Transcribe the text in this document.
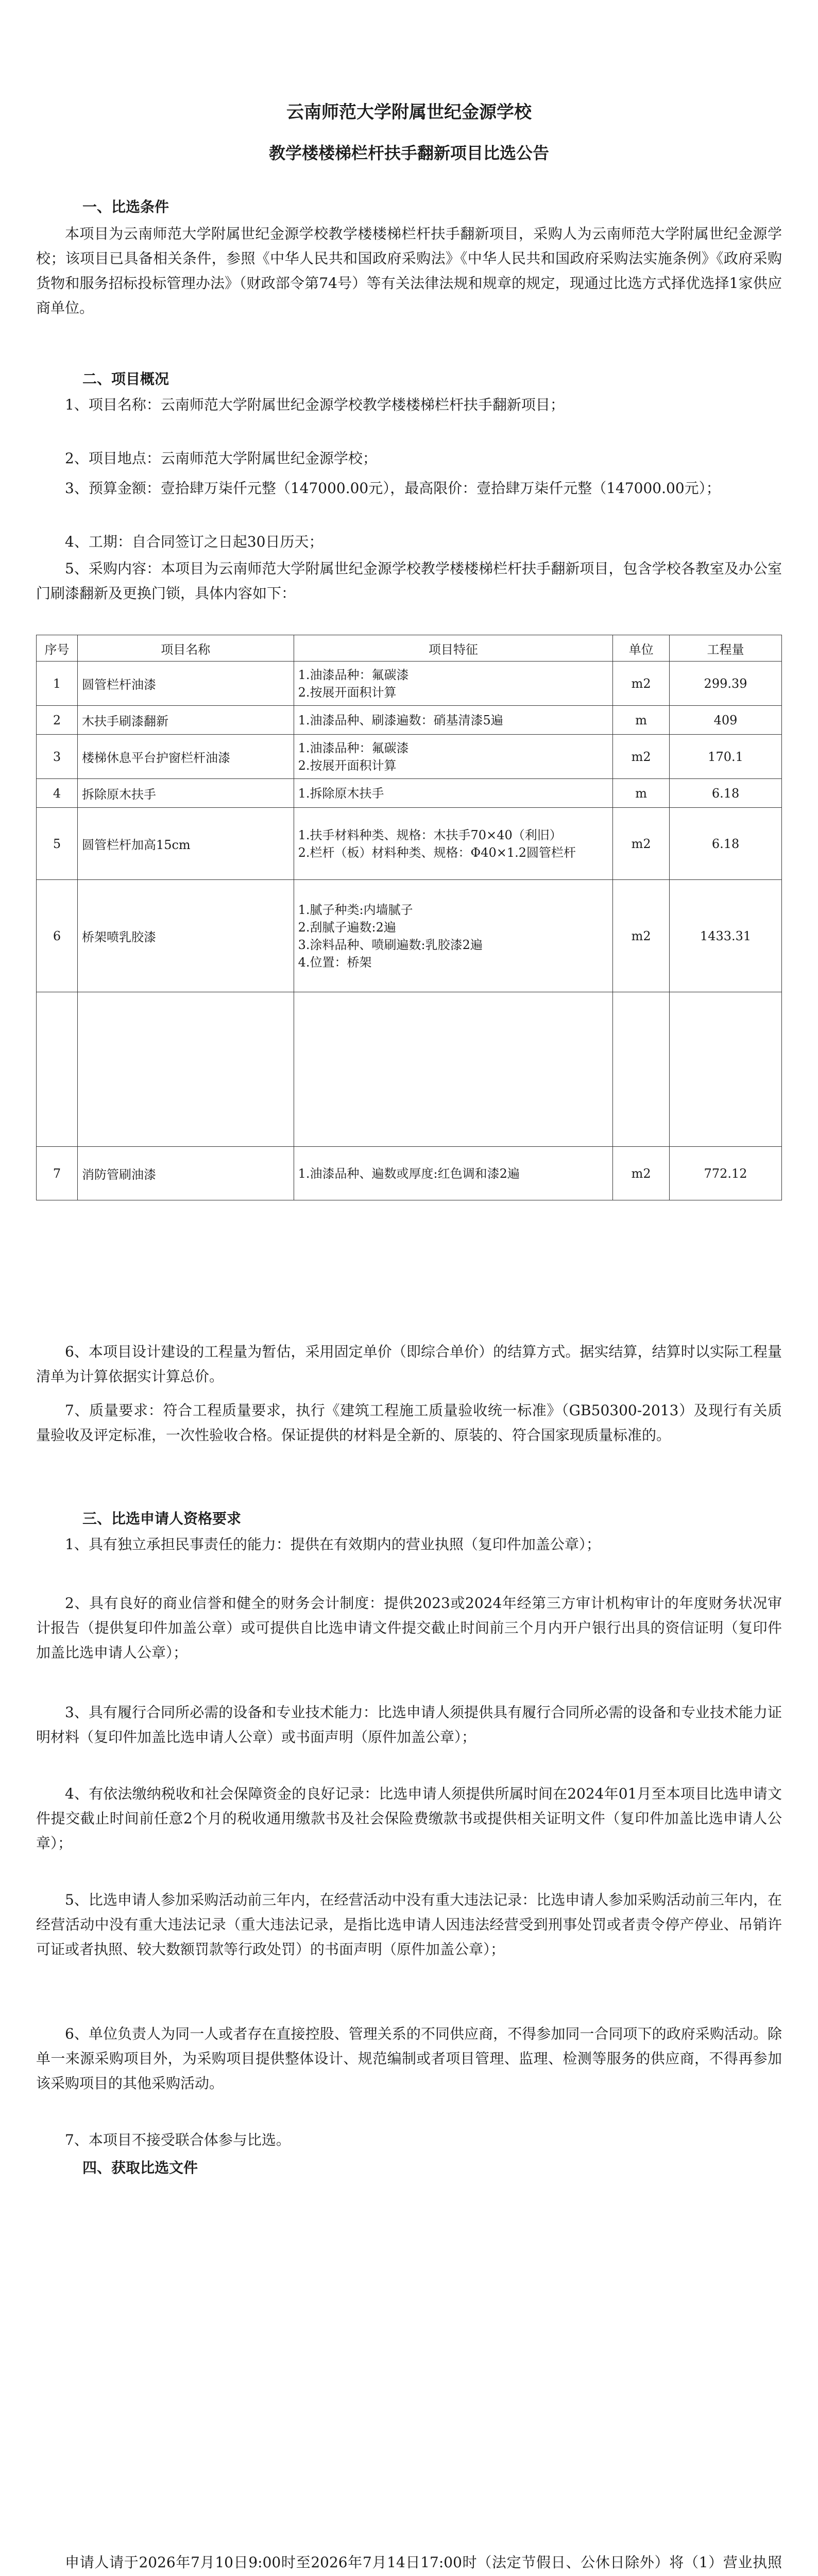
云南师范大学附属世纪金源学校
教学楼楼梯栏杆扶手翻新项目比选公告
一、比选条件
本项目为云南师范大学附属世纪金源学校教学楼楼梯栏杆扶手翻新项目，采购人为云南师范大学附属世纪金源学校；该项目已具备相关条件，参照《中华人民共和国政府采购法》《中华人民共和国政府采购法实施条例》《政府采购货物和服务招标投标管理办法》（财政部令第74号）等有关法律法规和规章的规定，现通过比选方式择优选择1家供应商单位。
二、项目概况
1、项目名称：云南师范大学附属世纪金源学校教学楼楼梯栏杆扶手翻新项目；
2、项目地点：云南师范大学附属世纪金源学校；
3、预算金额：壹拾肆万柒仟元整（147000.00元），最高限价：壹拾肆万柒仟元整（147000.00元）；
4、工期：自合同签订之日起30日历天；
5、采购内容：本项目为云南师范大学附属世纪金源学校教学楼楼梯栏杆扶手翻新项目，包含学校各教室及办公室门刷漆翻新及更换门锁，具体内容如下：
序号	项目名称	项目特征	单位	工程量
1	圆管栏杆油漆	1.油漆品种：氟碳漆
2.按展开面积计算	m2	299.39
2	木扶手刷漆翻新	1.油漆品种、刷漆遍数：硝基清漆5遍	m	409
3	楼梯休息平台护窗栏杆油漆	1.油漆品种：氟碳漆
2.按展开面积计算	m2	170.1
4	拆除原木扶手	1.拆除原木扶手	m	6.18
5	圆管栏杆加高15cm	1.扶手材料种类、规格：木扶手70×40（利旧）
2.栏杆（板）材料种类、规格：Φ40×1.2圆管栏杆	m2	6.18
6	桥架喷乳胶漆	1.腻子种类:内墙腻子
2.刮腻子遍数:2遍
3.涂料品种、喷刷遍数:乳胶漆2遍
4.位置：桥架	m2	1433.31

7	消防管刷油漆	1.油漆品种、遍数或厚度:红色调和漆2遍	m2	772.12
6、本项目设计建设的工程量为暂估，采用固定单价（即综合单价）的结算方式。据实结算，结算时以实际工程量清单为计算依据实计算总价。
7、质量要求：符合工程质量要求，执行《建筑工程施工质量验收统一标准》（GB50300-2013）及现行有关质量验收及评定标准，一次性验收合格。保证提供的材料是全新的、原装的、符合国家现质量标准的。
三、比选申请人资格要求
1、具有独立承担民事责任的能力：提供在有效期内的营业执照（复印件加盖公章）；
2、具有良好的商业信誉和健全的财务会计制度：提供2023或2024年经第三方审计机构审计的年度财务状况审计报告（提供复印件加盖公章）或可提供自比选申请文件提交截止时间前三个月内开户银行出具的资信证明（复印件加盖比选申请人公章）；
3、具有履行合同所必需的设备和专业技术能力：比选申请人须提供具有履行合同所必需的设备和专业技术能力证明材料（复印件加盖比选申请人公章）或书面声明（原件加盖公章）；
4、有依法缴纳税收和社会保障资金的良好记录：比选申请人须提供所属时间在2024年01月至本项目比选申请文件提交截止时间前任意2个月的税收通用缴款书及社会保险费缴款书或提供相关证明文件（复印件加盖比选申请人公章）；
5、比选申请人参加采购活动前三年内，在经营活动中没有重大违法记录：比选申请人参加采购活动前三年内，在经营活动中没有重大违法记录（重大违法记录，是指比选申请人因违法经营受到刑事处罚或者责令停产停业、吊销许可证或者执照、较大数额罚款等行政处罚）的书面声明（原件加盖公章）；
6、单位负责人为同一人或者存在直接控股、管理关系的不同供应商，不得参加同一合同项下的政府采购活动。除单一来源采购项目外，为采购项目提供整体设计、规范编制或者项目管理、监理、检测等服务的供应商，不得再参加该采购项目的其他采购活动。
7、本项目不接受联合体参与比选。
四、获取比选文件
申请人请于2026年7月10日9:00时至2026年7月14日17:00时（法定节假日、公休日除外）将（1）营业执照
